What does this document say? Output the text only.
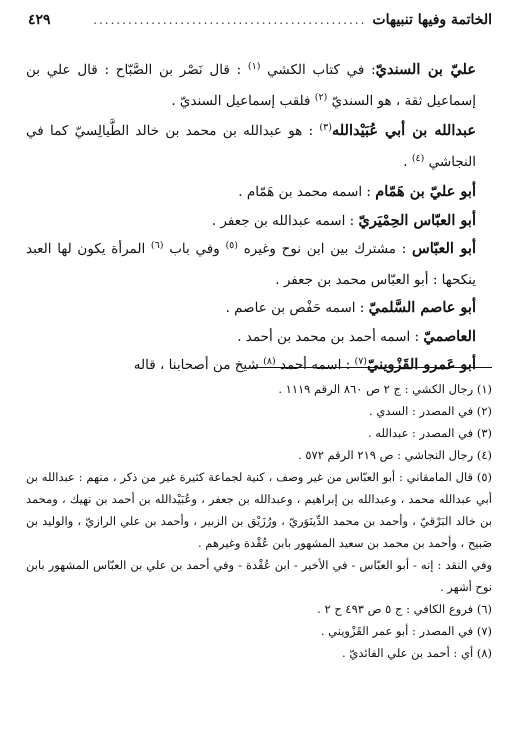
الخاتمة وفيها تنبيهات
...............................................
٤٢٩

عليّ بن السنديّ: في كتاب الكشي $^{(١)}$ : قال نَصْر بن الصَّبّاح : قال علي بن إسماعيل ثقة ، هو السنديّ $^{(٢)}$ فلقب إسماعيل السنديّ .

عبدالله بن أبي عُبَيْدالله$^{(٣)}$ : هو عبدالله بن محمد بن خالد الطَّيالِسيّ كما في النجاشي $^{(٤)}$ .

أبو عليّ بن هَمّام : اسمه محمد بن هَمّام .

أبو العبّاس الحِمْيَريّ : اسمه عبدالله بن جعفر .

أبو العبّاس : مشترك بين ابن نوح وغيره $^{(٥)}$ وفي باب $^{(٦)}$ المرأة يكون لها العبد ينكحها : أبو العبّاس محمد بن جعفر .

أبو عاصم السَّلميّ : اسمه حَفْص بن عاصم .

العاصميّ : اسمه أحمد بن محمد بن أحمد .

أبو عَمرو القَزْوينيّ$^{(٧)}$ : اسمه أحمد $^{(٨)}$ شيخ من أصحابنا ، قاله

(١) رجال الكشي : ج ٢ ص ٨٦٠ الرقم ١١١٩ .

(٢) في المصدر : السدي .

(٣) في المصدر : عبدالله .

(٤) رجال النجاشي : ص ٢١٩ الرقم ٥٧٢ .

(٥) قال المامقاني : أبو العبّاس من غير وصف ، كنية لجماعة كثيرة غير من ذكر ، منهم : عبدالله بن أبي عبدالله محمد ، وعبدالله بن إبراهيم ، وعبدالله بن جعفر ، وعُبَيْدالله بن أحمد بن نهيك ، ومحمد بن خالد البَرْقيّ ، وأحمد بن محمد الدِّينَوَريّ ، ورُزَيْق بن الزبير ، وأحمد بن علي الرازيّ ، والوليد بن صَبيح ، وأحمد بن محمد بن سعيد المشهور بابن عُقْدة وغيرهم .

وفي النقد : إنه - أبو العبّاس - في الأخير - ابن عُقْدة - وفي أحمد بن علي بن العبّاس المشهور بابن نوح أشهر .

(٦) فروع الكافي : ج ٥ ص ٤٩٣ ح ٢ .

(٧) في المصدر : أبو عمر القَزْويني .

(٨) أي : أحمد بن علي الفائديّ .
